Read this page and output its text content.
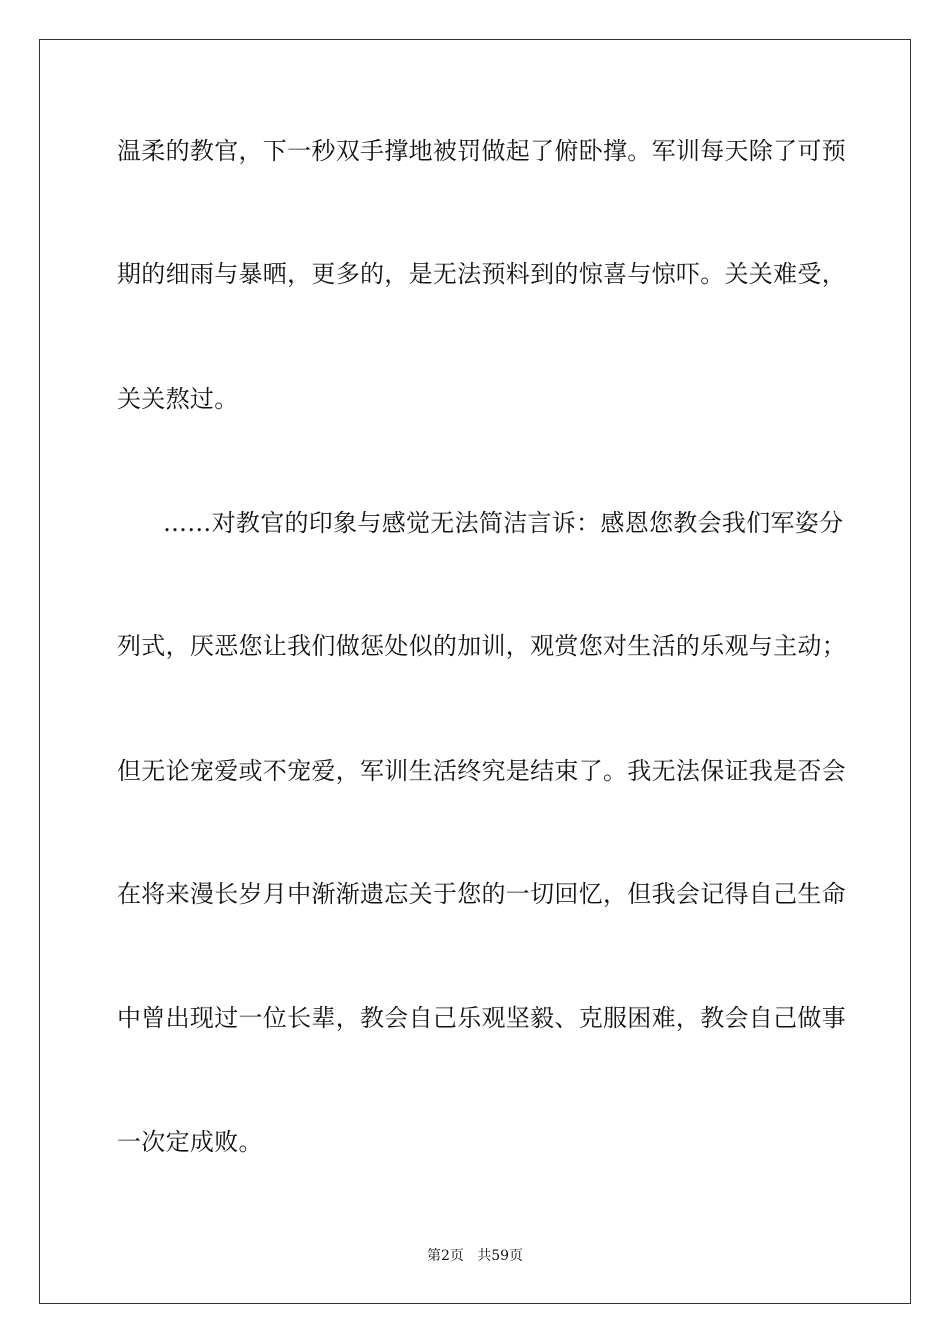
温柔的教官，下一秒双手撑地被罚做起了俯卧撑。军训每天除了可预
期的细雨与暴晒，更多的，是无法预料到的惊喜与惊吓。关关难受，
关关熬过。
……对教官的印象与感觉无法简洁言诉：感恩您教会我们军姿分
列式，厌恶您让我们做惩处似的加训，观赏您对生活的乐观与主动；
但无论宠爱或不宠爱，军训生活终究是结束了。我无法保证我是否会
在将来漫长岁月中渐渐遗忘关于您的一切回忆，但我会记得自己生命
中曾出现过一位长辈，教会自己乐观坚毅、克服困难，教会自己做事
一次定成败。
第2页 共59页
